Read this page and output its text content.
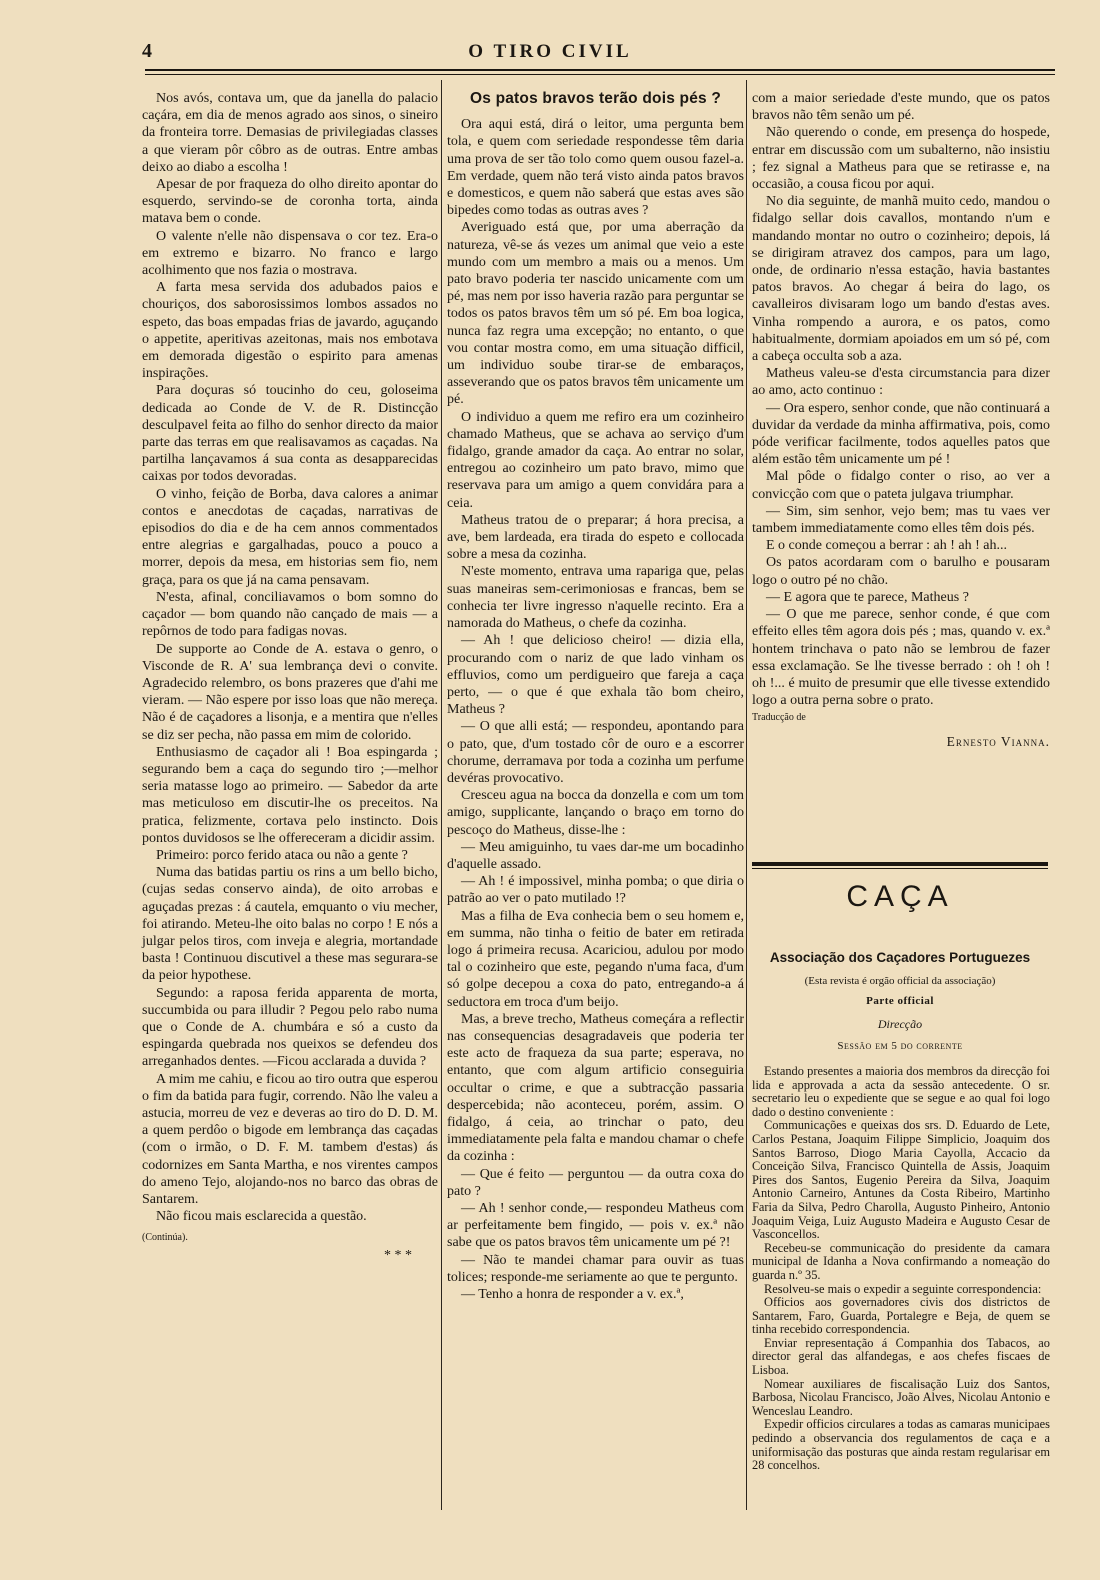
4	O TIRO CIVIL

Nos avós, contava um, que da janella do palacio caçára, em dia de menos agrado aos sinos, o sineiro da fronteira torre. Demasias de privilegiadas classes a que vieram pôr côbro as de outras. Entre ambas deixo ao diabo a escolha !

Apesar de por fraqueza do olho direito apontar do esquerdo, servindo-se de coronha torta, ainda matava bem o conde.

O valente n'elle não dispensava o cor tez. Era-o em extremo e bizarro. No franco e largo acolhimento que nos fazia o mostrava.

A farta mesa servida dos adubados paios e chouriços, dos saborosissimos lombos assados no espeto, das boas empadas frias de javardo, aguçando o appetite, aperitivas azeitonas, mais nos embotava em demorada digestão o espirito para amenas inspirações.

Para doçuras só toucinho do ceu, goloseima dedicada ao Conde de V. de R. Distincção desculpavel feita ao filho do senhor directo da maior parte das terras em que realisavamos as caçadas. Na partilha lançavamos á sua conta as desapparecidas caixas por todos devoradas.

O vinho, feição de Borba, dava calores a animar contos e anecdotas de caçadas, narrativas de episodios do dia e de ha cem annos commentados entre alegrias e gargalhadas, pouco a pouco a morrer, depois da mesa, em historias sem fio, nem graça, para os que já na cama pensavam.

N'esta, afinal, conciliavamos o bom somno do caçador — bom quando não cançado de mais — a repôrnos de todo para fadigas novas.

De supporte ao Conde de A. estava o genro, o Visconde de R. A' sua lembrança devi o convite. Agradecido relembro, os bons prazeres que d'ahi me vieram. — Não espere por isso loas que não mereça. Não é de caçadores a lisonja, e a mentira que n'elles se diz ser pecha, não passa em mim de colorido.

Enthusiasmo de caçador ali ! Boa espingarda ; segurando bem a caça do segundo tiro ;—melhor seria matasse logo ao primeiro. — Sabedor da arte mas meticuloso em discutir-lhe os preceitos. Na pratica, felizmente, cortava pelo instincto. Dois pontos duvidosos se lhe offereceram a dicidir assim.

Primeiro: porco ferido ataca ou não a gente ?

Numa das batidas partiu os rins a um bello bicho, (cujas sedas conservo ainda), de oito arrobas e aguçadas prezas : á cautela, emquanto o viu mecher, foi atirando. Meteu-lhe oito balas no corpo ! E nós a julgar pelos tiros, com inveja e alegria, mortandade basta ! Continuou discutivel a these mas segurara-se da peior hypothese.

Segundo: a raposa ferida apparenta de morta, succumbida ou para illudir ? Pegou pelo rabo numa que o Conde de A. chumbára e só a custo da espingarda quebrada nos queixos se defendeu dos arreganhados dentes. —Ficou acclarada a duvida ?

A mim me cahiu, e ficou ao tiro outra que esperou o fim da batida para fugir, correndo. Não lhe valeu a astucia, morreu de vez e deveras ao tiro do D. D. M. a quem perdôo o bigode em lembrança das caçadas (com o irmão, o D. F. M. tambem d'estas) ás codornizes em Santa Martha, e nos virentes campos do ameno Tejo, alojando-nos no barco das obras de Santarem.

Não ficou mais esclarecida a questão.

(Continúa).

* * *

Os patos bravos terão dois pés ?

Ora aqui está, dirá o leitor, uma pergunta bem tola, e quem com seriedade respondesse têm daria uma prova de ser tão tolo como quem ousou fazel-a. Em verdade, quem não terá visto ainda patos bravos e domesticos, e quem não saberá que estas aves são bipedes como todas as outras aves ?

Averiguado está que, por uma aberração da natureza, vê-se ás vezes um animal que veio a este mundo com um membro a mais ou a menos. Um pato bravo poderia ter nascido unicamente com um pé, mas nem por isso haveria razão para perguntar se todos os patos bravos têm um só pé. Em boa logica, nunca faz regra uma excepção; no entanto, o que vou contar mostra como, em uma situação difficil, um individuo soube tirar-se de embaraços, asseverando que os patos bravos têm unicamente um pé.

O individuo a quem me refiro era um cozinheiro chamado Matheus, que se achava ao serviço d'um fidalgo, grande amador da caça. Ao entrar no solar, entregou ao cozinheiro um pato bravo, mimo que reservava para um amigo a quem convidára para a ceia.

Matheus tratou de o preparar; á hora precisa, a ave, bem lardeada, era tirada do espeto e collocada sobre a mesa da cozinha.

N'este momento, entrava uma rapariga que, pelas suas maneiras sem-cerimoniosas e francas, bem se conhecia ter livre ingresso n'aquelle recinto. Era a namorada do Matheus, o chefe da cozinha.

— Ah ! que delicioso cheiro! — dizia ella, procurando com o nariz de que lado vinham os effluvios, como um perdigueiro que fareja a caça perto, — o que é que exhala tão bom cheiro, Matheus ?

— O que alli está; — respondeu, apontando para o pato, que, d'um tostado côr de ouro e a escorrer chorume, derramava por toda a cozinha um perfume devéras provocativo.

Cresceu agua na bocca da donzella e com um tom amigo, supplicante, lançando o braço em torno do pescoço do Matheus, disse-lhe :

— Meu amiguinho, tu vaes dar-me um bocadinho d'aquelle assado.

— Ah ! é impossivel, minha pomba; o que diria o patrão ao ver o pato mutilado !?

Mas a filha de Eva conhecia bem o seu homem e, em summa, não tinha o feitio de bater em retirada logo á primeira recusa. Acariciou, adulou por modo tal o cozinheiro que este, pegando n'uma faca, d'um só golpe decepou a coxa do pato, entregando-a á seductora em troca d'um beijo.

Mas, a breve trecho, Matheus começára a reflectir nas consequencias desagradaveis que poderia ter este acto de fraqueza da sua parte; esperava, no entanto, que com algum artificio conseguiria occultar o crime, e que a subtracção passaria despercebida; não aconteceu, porém, assim. O fidalgo, á ceia, ao trinchar o pato, deu immediatamente pela falta e mandou chamar o chefe da cozinha :

— Que é feito — perguntou — da outra coxa do pato ?

— Ah ! senhor conde,— respondeu Matheus com ar perfeitamente bem fingido, — pois v. ex.ª não sabe que os patos bravos têm unicamente um pé ?!

— Não te mandei chamar para ouvir as tuas tolices; responde-me seriamente ao que te pergunto.

— Tenho a honra de responder a v. ex.ª,

com a maior seriedade d'este mundo, que os patos bravos não têm senão um pé.

Não querendo o conde, em presença do hospede, entrar em discussão com um subalterno, não insistiu ; fez signal a Matheus para que se retirasse e, na occasião, a cousa ficou por aqui.

No dia seguinte, de manhã muito cedo, mandou o fidalgo sellar dois cavallos, montando n'um e mandando montar no outro o cozinheiro; depois, lá se dirigiram atravez dos campos, para um lago, onde, de ordinario n'essa estação, havia bastantes patos bravos. Ao chegar á beira do lago, os cavalleiros divisaram logo um bando d'estas aves. Vinha rompendo a aurora, e os patos, como habitualmente, dormiam apoiados em um só pé, com a cabeça occulta sob a aza.

Matheus valeu-se d'esta circumstancia para dizer ao amo, acto continuo :

— Ora espero, senhor conde, que não continuará a duvidar da verdade da minha affirmativa, pois, como póde verificar facilmente, todos aquelles patos que além estão têm unicamente um pé !

Mal pôde o fidalgo conter o riso, ao ver a convicção com que o pateta julgava triumphar.

— Sim, sim senhor, vejo bem; mas tu vaes ver tambem immediatamente como elles têm dois pés.

E o conde começou a berrar : ah ! ah ! ah...

Os patos acordaram com o barulho e pousaram logo o outro pé no chão.

— E agora que te parece, Matheus ?

— O que me parece, senhor conde, é que com effeito elles têm agora dois pés ; mas, quando v. ex.ª hontem trinchava o pato não se lembrou de fazer essa exclamação. Se lhe tivesse berrado : oh ! oh ! oh !... é muito de presumir que elle tivesse extendido logo a outra perna sobre o prato.

Traducção de

Ernesto Vianna.
CAÇA
Associação dos Caçadores Portuguezes
(Esta revista é orgão official da associação)
Parte official
Direcção
Sessão em 5 do corrente

Estando presentes a maioria dos membros da direcção foi lida e approvada a acta da sessão antecedente. O sr. secretario leu o expediente que se segue e ao qual foi logo dado o destino conveniente :

Communicações e queixas dos srs. D. Eduardo de Lete, Carlos Pestana, Joaquim Filippe Simplicio, Joaquim dos Santos Barroso, Diogo Maria Cayolla, Accacio da Conceição Silva, Francisco Quintella de Assis, Joaquim Pires dos Santos, Eugenio Pereira da Silva, Joaquim Antonio Carneiro, Antunes da Costa Ribeiro, Martinho Faria da Silva, Pedro Charolla, Augusto Pinheiro, Antonio Joaquim Veiga, Luiz Augusto Madeira e Augusto Cesar de Vasconcellos.

Recebeu-se communicação do presidente da camara municipal de Idanha a Nova confirmando a nomeação do guarda n.º 35.

Resolveu-se mais o expedir a seguinte correspondencia:

Officios aos governadores civis dos districtos de Santarem, Faro, Guarda, Portalegre e Beja, de quem se tinha recebido correspondencia.

Enviar representação á Companhia dos Tabacos, ao director geral das alfandegas, e aos chefes fiscaes de Lisboa.

Nomear auxiliares de fiscalisação Luiz dos Santos, Barbosa, Nicolau Francisco, João Alves, Nicolau Antonio e Wenceslau Leandro.

Expedir officios circulares a todas as camaras municipaes pedindo a observancia dos regulamentos de caça e a uniformisação das posturas que ainda restam regularisar em 28 concelhos.
